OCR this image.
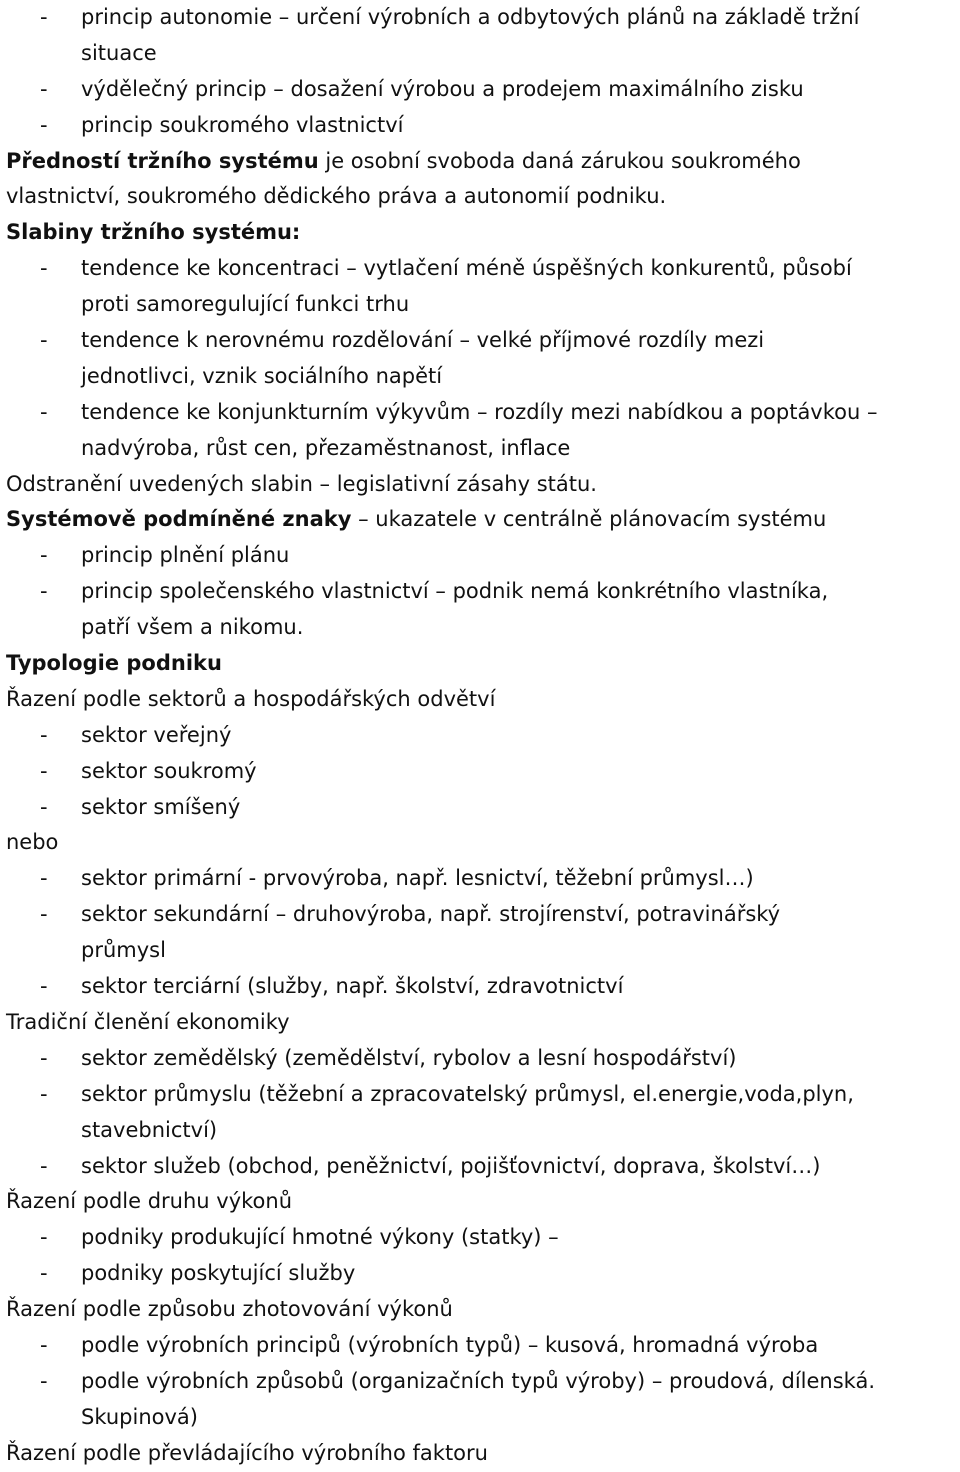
- princip autonomie – určení výrobních a odbytových plánů na základě tržní
situace
- výdělečný princip – dosažení výrobou a prodejem maximálního zisku
- princip soukromého vlastnictví
Předností tržního systému je osobní svoboda daná zárukou soukromého
vlastnictví, soukromého dědického práva a autonomií podniku.
Slabiny tržního systému:
- tendence ke koncentraci – vytlačení méně úspěšných konkurentů, působí
proti samoregulující funkci trhu
- tendence k nerovnému rozdělování – velké příjmové rozdíly mezi
jednotlivci, vznik sociálního napětí
- tendence ke konjunkturním výkyvům – rozdíly mezi nabídkou a poptávkou –
nadvýroba, růst cen, přezaměstnanost, inflace
Odstranění uvedených slabin – legislativní zásahy státu.
Systémově podmíněné znaky – ukazatele v centrálně plánovacím systému
- princip plnění plánu
- princip společenského vlastnictví – podnik nemá konkrétního vlastníka,
patří všem a nikomu.
Typologie podniku
Řazení podle sektorů a hospodářských odvětví
- sektor veřejný
- sektor soukromý
- sektor smíšený
nebo
- sektor primární - prvovýroba, např. lesnictví, těžební průmysl…)
- sektor sekundární – druhovýroba, např. strojírenství, potravinářský
průmysl
- sektor terciární (služby, např. školství, zdravotnictví
Tradiční členění ekonomiky
- sektor zemědělský (zemědělství, rybolov a lesní hospodářství)
- sektor průmyslu (těžební a zpracovatelský průmysl, el.energie,voda,plyn,
stavebnictví)
- sektor služeb (obchod, peněžnictví, pojišťovnictví, doprava, školství…)
Řazení podle druhu výkonů
- podniky produkující hmotné výkony (statky) –
- podniky poskytující služby
Řazení podle způsobu zhotovování výkonů
- podle výrobních principů (výrobních typů) – kusová, hromadná výroba
- podle výrobních způsobů (organizačních typů výroby) – proudová, dílenská.
Skupinová)
Řazení podle převládajícího výrobního faktoru
